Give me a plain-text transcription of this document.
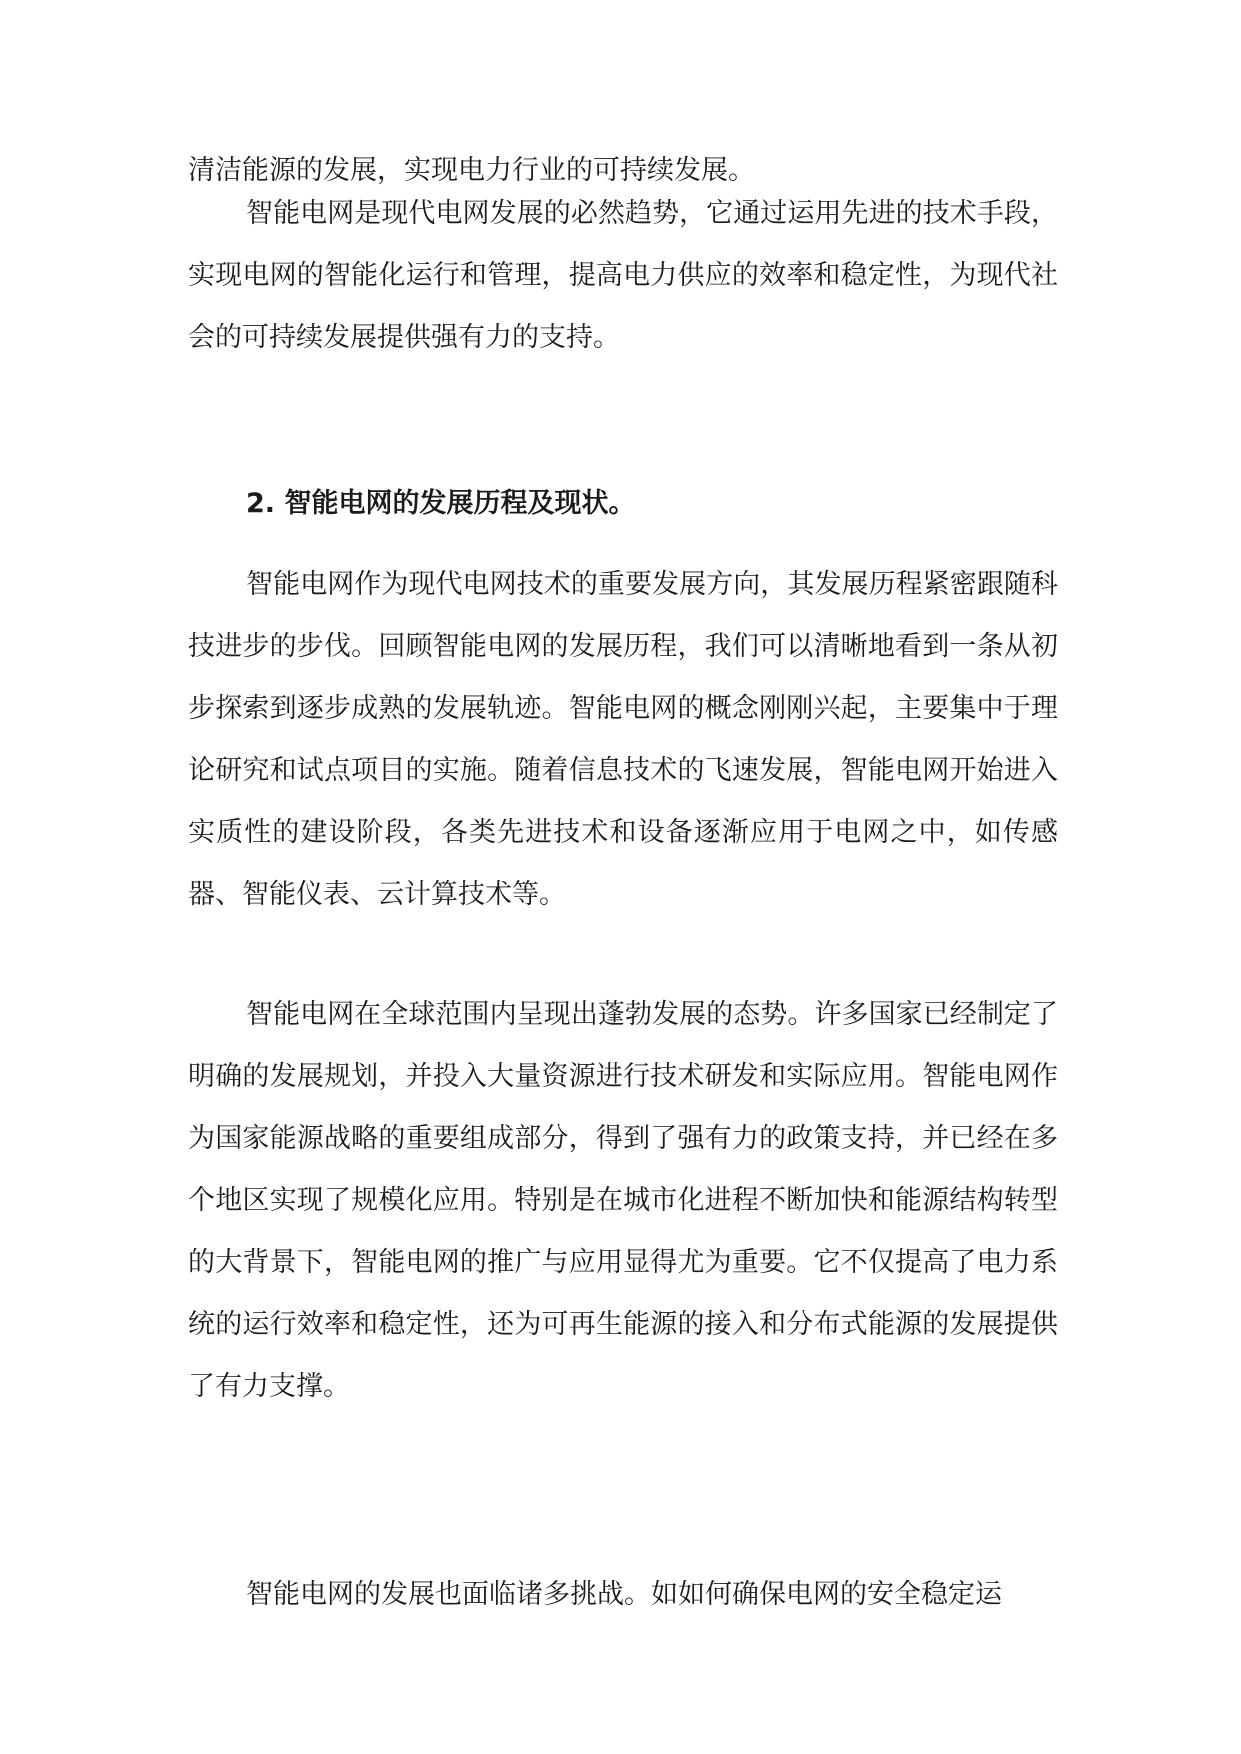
清洁能源的发展，实现电力行业的可持续发展。

智能电网是现代电网发展的必然趋势，它通过运用先进的技术手段，实现电网的智能化运行和管理，提高电力供应的效率和稳定性，为现代社会的可持续发展提供强有力的支持。

2. 智能电网的发展历程及现状。

智能电网作为现代电网技术的重要发展方向，其发展历程紧密跟随科技进步的步伐。回顾智能电网的发展历程，我们可以清晰地看到一条从初步探索到逐步成熟的发展轨迹。智能电网的概念刚刚兴起，主要集中于理论研究和试点项目的实施。随着信息技术的飞速发展，智能电网开始进入实质性的建设阶段，各类先进技术和设备逐渐应用于电网之中，如传感器、智能仪表、云计算技术等。

智能电网在全球范围内呈现出蓬勃发展的态势。许多国家已经制定了明确的发展规划，并投入大量资源进行技术研发和实际应用。智能电网作为国家能源战略的重要组成部分，得到了强有力的政策支持，并已经在多个地区实现了规模化应用。特别是在城市化进程不断加快和能源结构转型的大背景下，智能电网的推广与应用显得尤为重要。它不仅提高了电力系统的运行效率和稳定性，还为可再生能源的接入和分布式能源的发展提供了有力支撑。

智能电网的发展也面临诸多挑战。如如何确保电网的安全稳定运
